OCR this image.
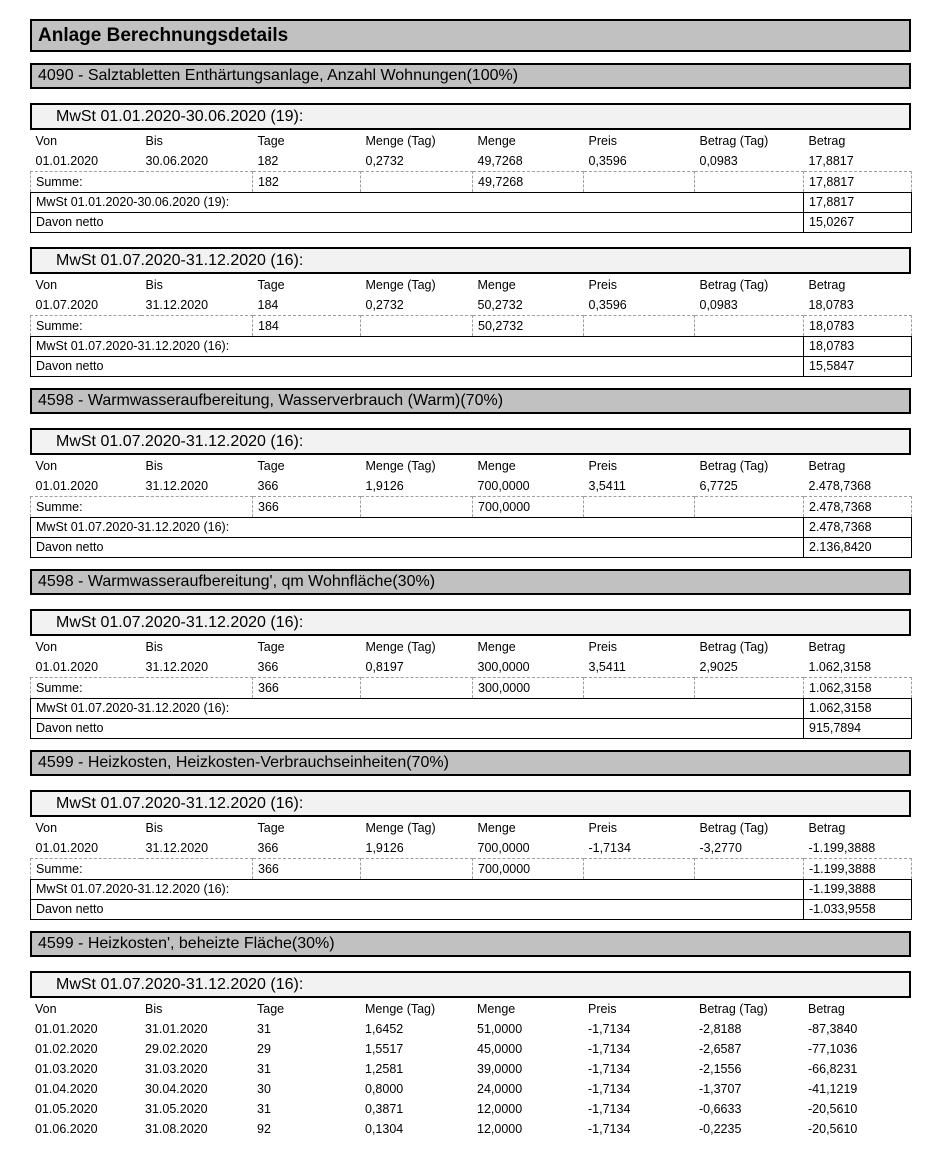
Anlage Berechnungsdetails
4090 - Salztabletten Enthärtungsanlage, Anzahl Wohnungen(100%)
MwSt 01.01.2020-30.06.2020 (19):
Von	Bis	Tage	Menge (Tag)	Menge	Preis	Betrag (Tag)	Betrag
01.01.2020	30.06.2020	182	0,2732	49,7268	0,3596	0,0983	17,8817
Summe:		182		49,7268			17,8817
MwSt 01.01.2020-30.06.2020 (19):							17,8817
Davon netto							15,0267
MwSt 01.07.2020-31.12.2020 (16):
Von	Bis	Tage	Menge (Tag)	Menge	Preis	Betrag (Tag)	Betrag
01.07.2020	31.12.2020	184	0,2732	50,2732	0,3596	0,0983	18,0783
Summe:		184		50,2732			18,0783
MwSt 01.07.2020-31.12.2020 (16):							18,0783
Davon netto							15,5847
4598 - Warmwasseraufbereitung, Wasserverbrauch (Warm)(70%)
MwSt 01.07.2020-31.12.2020 (16):
Von	Bis	Tage	Menge (Tag)	Menge	Preis	Betrag (Tag)	Betrag
01.01.2020	31.12.2020	366	1,9126	700,0000	3,5411	6,7725	2.478,7368
Summe:		366		700,0000			2.478,7368
MwSt 01.07.2020-31.12.2020 (16):							2.478,7368
Davon netto							2.136,8420
4598 - Warmwasseraufbereitung', qm Wohnfläche(30%)
MwSt 01.07.2020-31.12.2020 (16):
Von	Bis	Tage	Menge (Tag)	Menge	Preis	Betrag (Tag)	Betrag
01.01.2020	31.12.2020	366	0,8197	300,0000	3,5411	2,9025	1.062,3158
Summe:		366		300,0000			1.062,3158
MwSt 01.07.2020-31.12.2020 (16):							1.062,3158
Davon netto							915,7894
4599 - Heizkosten, Heizkosten-Verbrauchseinheiten(70%)
MwSt 01.07.2020-31.12.2020 (16):
Von	Bis	Tage	Menge (Tag)	Menge	Preis	Betrag (Tag)	Betrag
01.01.2020	31.12.2020	366	1,9126	700,0000	-1,7134	-3,2770	-1.199,3888
Summe:		366		700,0000			-1.199,3888
MwSt 01.07.2020-31.12.2020 (16):							-1.199,3888
Davon netto							-1.033,9558
4599 - Heizkosten', beheizte Fläche(30%)
MwSt 01.07.2020-31.12.2020 (16):
Von	Bis	Tage	Menge (Tag)	Menge	Preis	Betrag (Tag)	Betrag
01.01.2020	31.01.2020	31	1,6452	51,0000	-1,7134	-2,8188	-87,3840
01.02.2020	29.02.2020	29	1,5517	45,0000	-1,7134	-2,6587	-77,1036
01.03.2020	31.03.2020	31	1,2581	39,0000	-1,7134	-2,1556	-66,8231
01.04.2020	30.04.2020	30	0,8000	24,0000	-1,7134	-1,3707	-41,1219
01.05.2020	31.05.2020	31	0,3871	12,0000	-1,7134	-0,6633	-20,5610
01.06.2020	31.08.2020	92	0,1304	12,0000	-1,7134	-0,2235	-20,5610
